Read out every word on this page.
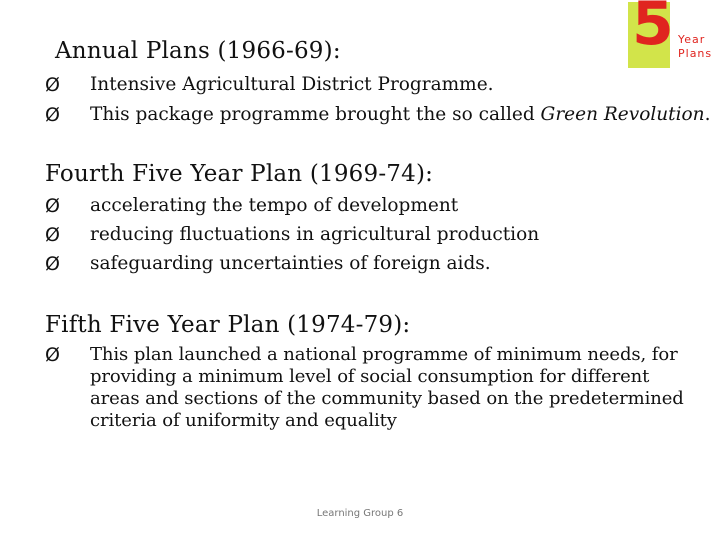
5 Year
Plans
Annual Plans (1966-69):
Ø Intensive Agricultural District Programme.
Ø This package programme brought the so called Green Revolution.
Fourth Five Year Plan (1969-74):
Ø accelerating the tempo of development
Ø reducing fluctuations in agricultural production
Ø safeguarding uncertainties of foreign aids.
Fifth Five Year Plan (1974-79):
Ø This plan launched a national programme of minimum needs, for providing a minimum level of social consumption for different areas and sections of the community based on the predetermined criteria of uniformity and equality
Learning Group 6
